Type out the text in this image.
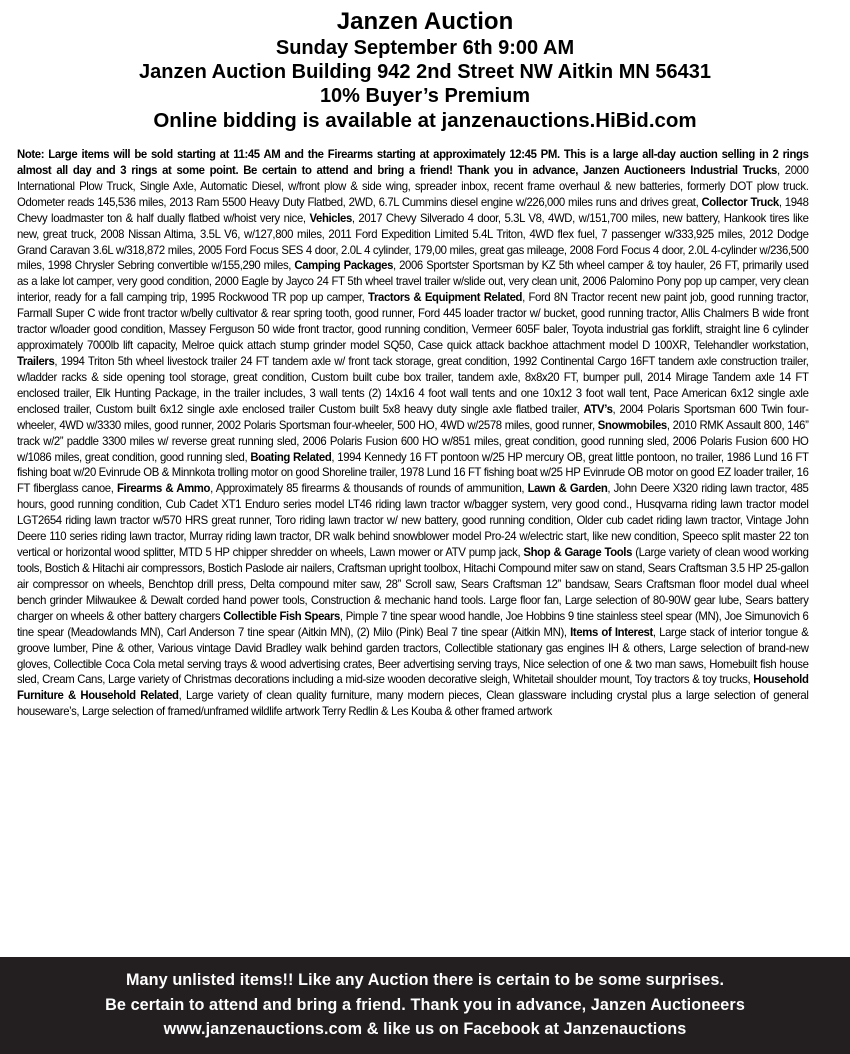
Janzen Auction
Sunday September 6th 9:00 AM
Janzen Auction Building 942 2nd Street NW Aitkin MN 56431
10% Buyer’s Premium
Online bidding is available at janzenauctions.HiBid.com
Note: Large items will be sold starting at 11:45 AM and the Firearms starting at approximately 12:45 PM. This is a large all-day auction selling in 2 rings almost all day and 3 rings at some point. Be certain to attend and bring a friend! Thank you in advance, Janzen Auctioneers Industrial Trucks, 2000 International Plow Truck, Single Axle, Automatic Diesel, w/front plow & side wing, spreader inbox, recent frame overhaul & new batteries, formerly DOT plow truck. Odometer reads 145,536 miles, 2013 Ram 5500 Heavy Duty Flatbed, 2WD, 6.7L Cummins diesel engine w/226,000 miles runs and drives great, Collector Truck, 1948 Chevy loadmaster ton & half dually flatbed w/hoist very nice, Vehicles, 2017 Chevy Silverado 4 door, 5.3L V8, 4WD, w/151,700 miles, new battery, Hankook tires like new, great truck, 2008 Nissan Altima, 3.5L V6, w/127,800 miles, 2011 Ford Expedition Limited 5.4L Triton, 4WD flex fuel, 7 passenger w/333,925 miles, 2012 Dodge Grand Caravan 3.6L w/318,872 miles, 2005 Ford Focus SES 4 door, 2.0L 4 cylinder, 179,00 miles, great gas mileage, 2008 Ford Focus 4 door, 2.0L 4-cylinder w/236,500 miles, 1998 Chrysler Sebring convertible w/155,290 miles, Camping Packages, 2006 Sportster Sportsman by KZ 5th wheel camper & toy hauler, 26 FT, primarily used as a lake lot camper, very good condition, 2000 Eagle by Jayco 24 FT 5th wheel travel trailer w/slide out, very clean unit, 2006 Palomino Pony pop up camper, very clean interior, ready for a fall camping trip, 1995 Rockwood TR pop up camper, Tractors & Equipment Related, Ford 8N Tractor recent new paint job, good running tractor, Farmall Super C wide front tractor w/belly cultivator & rear spring tooth, good runner, Ford 445 loader tractor w/ bucket, good running tractor, Allis Chalmers B wide front tractor w/loader good condition, Massey Ferguson 50 wide front tractor, good running condition, Vermeer 605F baler, Toyota industrial gas forklift, straight line 6 cylinder approximately 7000lb lift capacity, Melroe quick attach stump grinder model SQ50, Case quick attack backhoe attachment model D 100XR, Telehandler workstation, Trailers, 1994 Triton 5th wheel livestock trailer 24 FT tandem axle w/ front tack storage, great condition, 1992 Continental Cargo 16FT tandem axle construction trailer, w/ladder racks & side opening tool storage, great condition, Custom built cube box trailer, tandem axle, 8x8x20 FT, bumper pull, 2014 Mirage Tandem axle 14 FT enclosed trailer, Elk Hunting Package, in the trailer includes, 3 wall tents (2) 14x16 4 foot wall tents and one 10x12 3 foot wall tent, Pace American 6x12 single axle enclosed trailer, Custom built 6x12 single axle enclosed trailer Custom built 5x8 heavy duty single axle flatbed trailer, ATV’s, 2004 Polaris Sportsman 600 Twin four-wheeler, 4WD w/3330 miles, good runner, 2002 Polaris Sportsman four-wheeler, 500 HO, 4WD w/2578 miles, good runner, Snowmobiles, 2010 RMK Assault 800, 146” track w/2” paddle 3300 miles w/ reverse great running sled, 2006 Polaris Fusion 600 HO w/851 miles, great condition, good running sled, 2006 Polaris Fusion 600 HO w/1086 miles, great condition, good running sled, Boating Related, 1994 Kennedy 16 FT pontoon w/25 HP mercury OB, great little pontoon, no trailer, 1986 Lund 16 FT fishing boat w/20 Evinrude OB & Minnkota trolling motor on good Shoreline trailer, 1978 Lund 16 FT fishing boat w/25 HP Evinrude OB motor on good EZ loader trailer, 16 FT fiberglass canoe, Firearms & Ammo, Approximately 85 firearms & thousands of rounds of ammunition, Lawn & Garden, John Deere X320 riding lawn tractor, 485 hours, good running condition, Cub Cadet XT1 Enduro series model LT46 riding lawn tractor w/bagger system, very good cond., Husqvarna riding lawn tractor model LGT2654 riding lawn tractor w/570 HRS great runner, Toro riding lawn tractor w/ new battery, good running condition, Older cub cadet riding lawn tractor, Vintage John Deere 110 series riding lawn tractor, Murray riding lawn tractor, DR walk behind snowblower model Pro-24 w/electric start, like new condition, Speeco split master 22 ton vertical or horizontal wood splitter, MTD 5 HP chipper shredder on wheels, Lawn mower or ATV pump jack, Shop & Garage Tools (Large variety of clean wood working tools, Bostich & Hitachi air compressors, Bostich Paslode air nailers, Craftsman upright toolbox, Hitachi Compound miter saw on stand, Sears Craftsman 3.5 HP 25-gallon air compressor on wheels, Benchtop drill press, Delta compound miter saw, 28” Scroll saw, Sears Craftsman 12” bandsaw, Sears Craftsman floor model dual wheel bench grinder Milwaukee & Dewalt corded hand power tools, Construction & mechanic hand tools. Large floor fan, Large selection of 80-90W gear lube, Sears battery charger on wheels & other battery chargers Collectible Fish Spears, Pimple 7 tine spear wood handle, Joe Hobbins 9 tine stainless steel spear (MN), Joe Simunovich 6 tine spear (Meadowlands MN), Carl Anderson 7 tine spear (Aitkin MN), (2) Milo (Pink) Beal 7 tine spear (Aitkin MN), Items of Interest, Large stack of interior tongue & groove lumber, Pine & other, Various vintage David Bradley walk behind garden tractors, Collectible stationary gas engines IH & others, Large selection of brand-new gloves, Collectible Coca Cola metal serving trays & wood advertising crates, Beer advertising serving trays, Nice selection of one & two man saws, Homebuilt fish house sled, Cream Cans, Large variety of Christmas decorations including a mid-size wooden decorative sleigh, Whitetail shoulder mount, Toy tractors & toy trucks, Household Furniture & Household Related, Large variety of clean quality furniture, many modern pieces, Clean glassware including crystal plus a large selection of general houseware’s, Large selection of framed/unframed wildlife artwork Terry Redlin & Les Kouba & other framed artwork
Many unlisted items!! Like any Auction there is certain to be some surprises.
Be certain to attend and bring a friend. Thank you in advance, Janzen Auctioneers
www.janzenauctions.com & like us on Facebook at Janzenauctions
